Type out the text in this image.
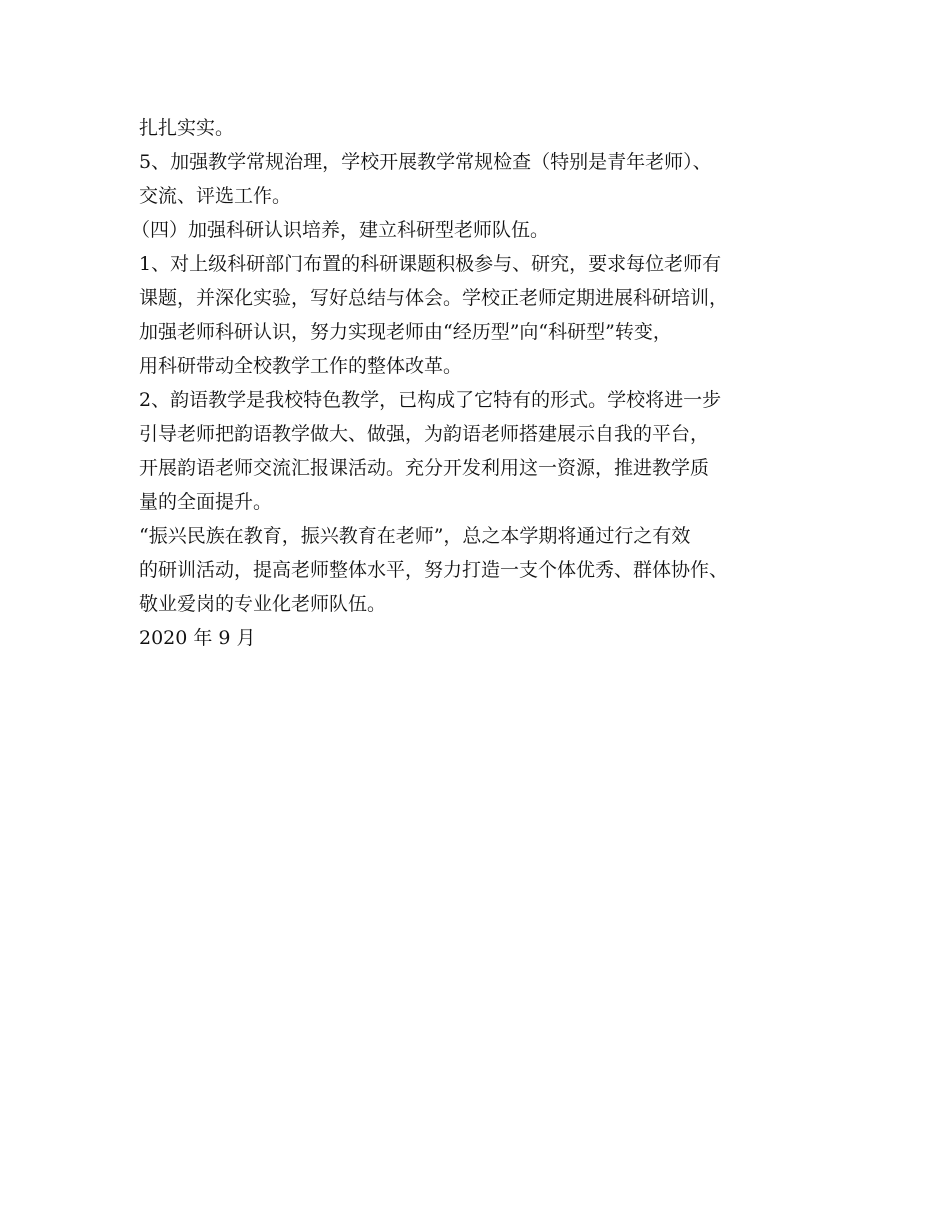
扎扎实实。
5、加强教学常规治理，学校开展教学常规检查（特别是青年老师）、
交流、评选工作。
（四）加强科研认识培养，建立科研型老师队伍。
1、对上级科研部门布置的科研课题积极参与、研究，要求每位老师有
课题，并深化实验，写好总结与体会。学校正老师定期进展科研培训，
加强老师科研认识，努力实现老师由“经历型”向“科研型”转变，
用科研带动全校教学工作的整体改革。
2、韵语教学是我校特色教学，已构成了它特有的形式。学校将进一步
引导老师把韵语教学做大、做强，为韵语老师搭建展示自我的平台，
开展韵语老师交流汇报课活动。充分开发利用这一资源，推进教学质
量的全面提升。
“振兴民族在教育，振兴教育在老师”，总之本学期将通过行之有效
的研训活动，提高老师整体水平，努力打造一支个体优秀、群体协作、
敬业爱岗的专业化老师队伍。
2020 年 9 月
